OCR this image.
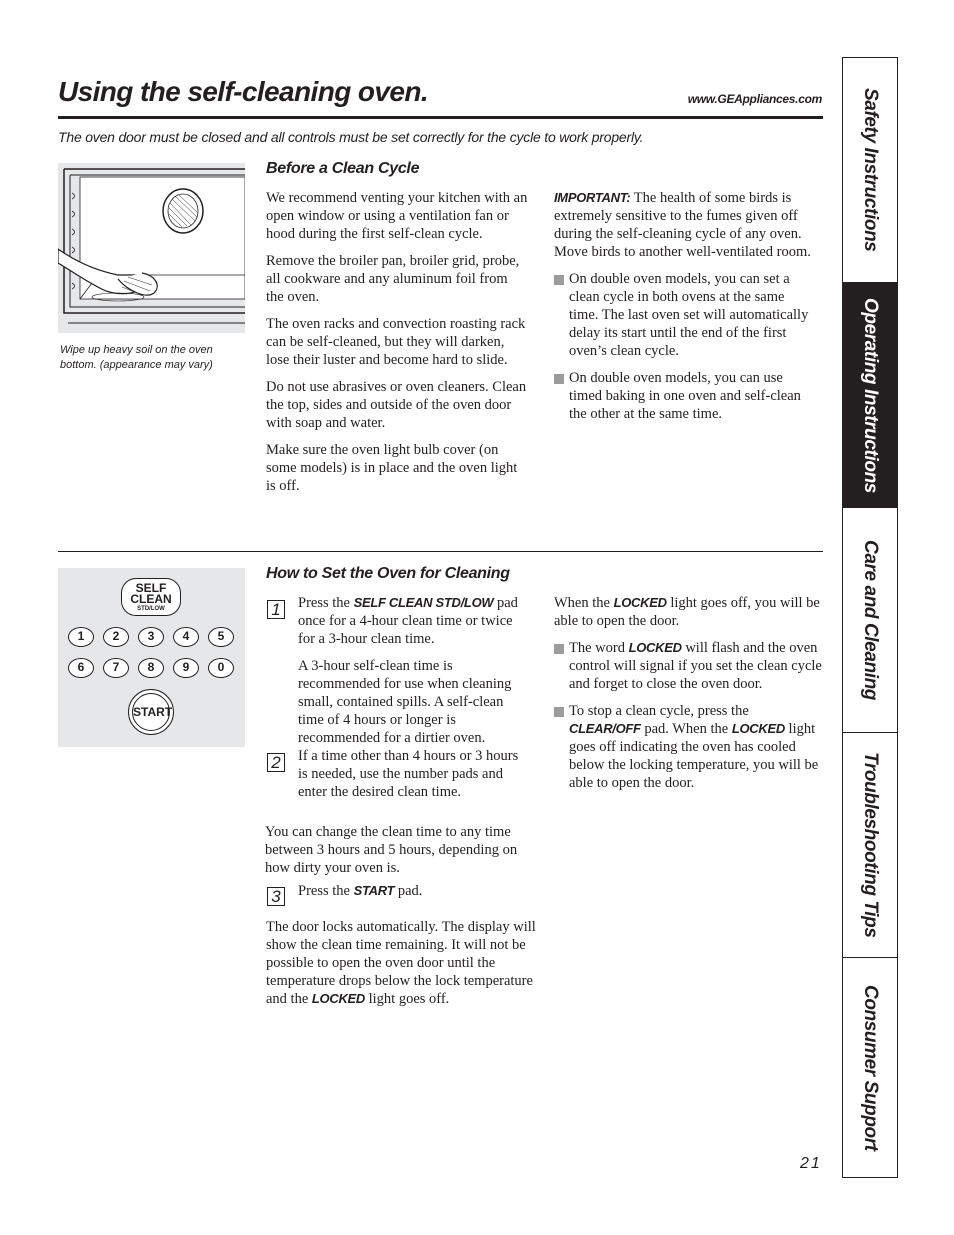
Using the self-cleaning oven.	www.GEAppliances.com
The oven door must be closed and all controls must be set correctly for the cycle to work properly.
Wipe up heavy soil on the oven
bottom. (appearance may vary)
Before a Clean Cycle

We recommend venting your kitchen with an open window or using a ventilation fan or hood during the first self-clean cycle.

Remove the broiler pan, broiler grid, probe, all cookware and any aluminum foil from the oven.

The oven racks and convection roasting rack can be self-cleaned, but they will darken, lose their luster and become hard to slide.

Do not use abrasives or oven cleaners. Clean the top, sides and outside of the oven door with soap and water.

Make sure the oven light bulb cover (on some models) is in place and the oven light is off.

IMPORTANT: The health of some birds is extremely sensitive to the fumes given off during the self-cleaning cycle of any oven. Move birds to another well-ventilated room.

On double oven models, you can set a clean cycle in both ovens at the same time. The last oven set will automatically delay its start until the end of the first oven’s clean cycle.

On double oven models, you can use timed baking in one oven and self-clean the other at the same time.

SELF
CLEAN
STD/LOW
1	2	3	4	5
6	7	8	9	0
START
How to Set the Oven for Cleaning
1 Press the SELF CLEAN STD/LOW pad once for a 4-hour clean time or twice for a 3-hour clean time.

A 3-hour self-clean time is recommended for use when cleaning small, contained spills. A self-clean time of 4 hours or longer is recommended for a dirtier oven.

2 If a time other than 4 hours or 3 hours is needed, use the number pads and enter the desired clean time.
You can change the clean time to any time between 3 hours and 5 hours, depending on how dirty your oven is.
3 Press the START pad.
The door locks automatically. The display will show the clean time remaining. It will not be possible to open the oven door until the temperature drops below the lock temperature and the LOCKED light goes off.

When the LOCKED light goes off, you will be able to open the door.

The word LOCKED will flash and the oven control will signal if you set the clean cycle and forget to close the oven door.

To stop a clean cycle, press the CLEAR/OFF pad. When the LOCKED light goes off indicating the oven has cooled below the locking temperature, you will be able to open the door.

21
Safety Instructions
Operating Instructions
Care and Cleaning
Troubleshooting Tips
Consumer Support
